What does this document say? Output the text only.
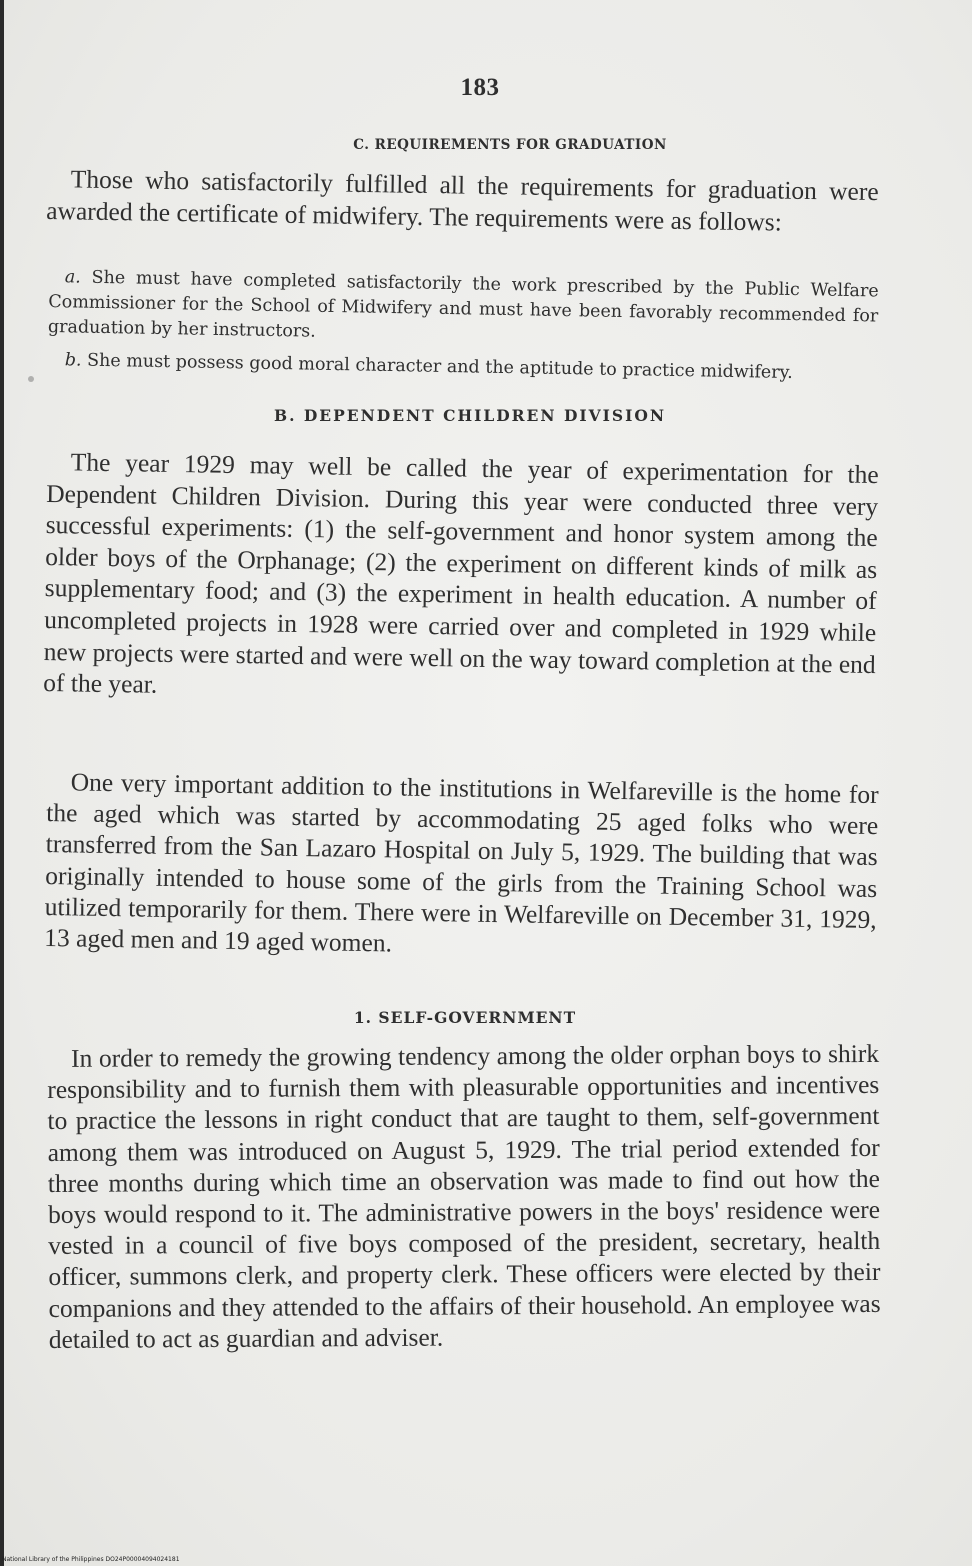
183
C. REQUIREMENTS FOR GRADUATION
Those who satisfactorily fulfilled all the requirements for graduation were awarded the certificate of midwifery. The requirements were as follows:
a. She must have completed satisfactorily the work prescribed by the Public Welfare Commissioner for the School of Midwifery and must have been favorably recommended for graduation by her instructors.
b. She must possess good moral character and the aptitude to practice midwifery.
B. DEPENDENT CHILDREN DIVISION
The year 1929 may well be called the year of experimentation for the Dependent Children Division. During this year were conducted three very successful experiments: (1) the self-government and honor system among the older boys of the Orphanage; (2) the experiment on different kinds of milk as supplementary food; and (3) the experiment in health education. A number of uncompleted projects in 1928 were carried over and completed in 1929 while new projects were started and were well on the way toward completion at the end of the year.
One very important addition to the institutions in Welfareville is the home for the aged which was started by accommodating 25 aged folks who were transferred from the San Lazaro Hospital on July 5, 1929. The building that was originally intended to house some of the girls from the Training School was utilized temporarily for them. There were in Welfareville on December 31, 1929, 13 aged men and 19 aged women.
1. SELF-GOVERNMENT
In order to remedy the growing tendency among the older orphan boys to shirk responsibility and to furnish them with pleasurable opportunities and incentives to practice the lessons in right conduct that are taught to them, self-government among them was introduced on August 5, 1929. The trial period extended for three months during which time an observation was made to find out how the boys would respond to it. The administrative powers in the boys' residence were vested in a council of five boys composed of the president, secretary, health officer, summons clerk, and property clerk. These officers were elected by their companions and they attended to the affairs of their household. An employee was detailed to act as guardian and adviser.
National Library of the Philippines DO24P00004094024181
